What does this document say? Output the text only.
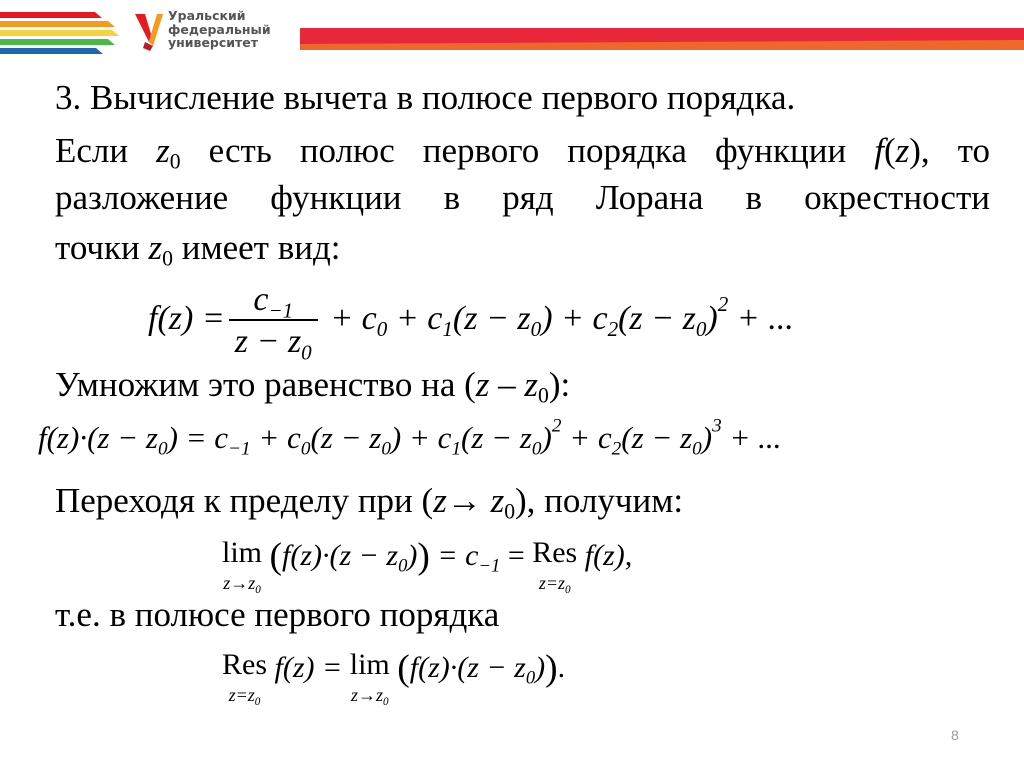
Уральский
федеральный
университет
3. Вычисление вычета в полюсе первого порядка.
Если $z_0$ есть полюс первого порядка функции f(z), то
разложение функции в ряд Лорана в окрестности
точки $z_0$ имеет вид:
$f(z) = \frac{c_{-1}}{z - z_0} + c_0 + c_1(z - z_0) + c_2(z - z_0)^2$ + ...
Умножим это равенство на $(z - z_0)$:
$f(z)\cdot(z - z_0) = c_{-1} + c_0(z - z_0) + c_1(z - z_0)^2 + c_2(z - z_0)^3$ + ...
Переходя к пределу при $(z\to z_0)$, получим:
lim
$z\to z_0$
$(f(z)\cdot(z - z_0)) = c_{-1}$ = Res
$z=z_0$
f(z),
т.е. в полюсе первого порядка
Res
$z=z_0$
f(z) = lim
$z\to z_0$
$(f(z)\cdot(z - z_0))$.
8
